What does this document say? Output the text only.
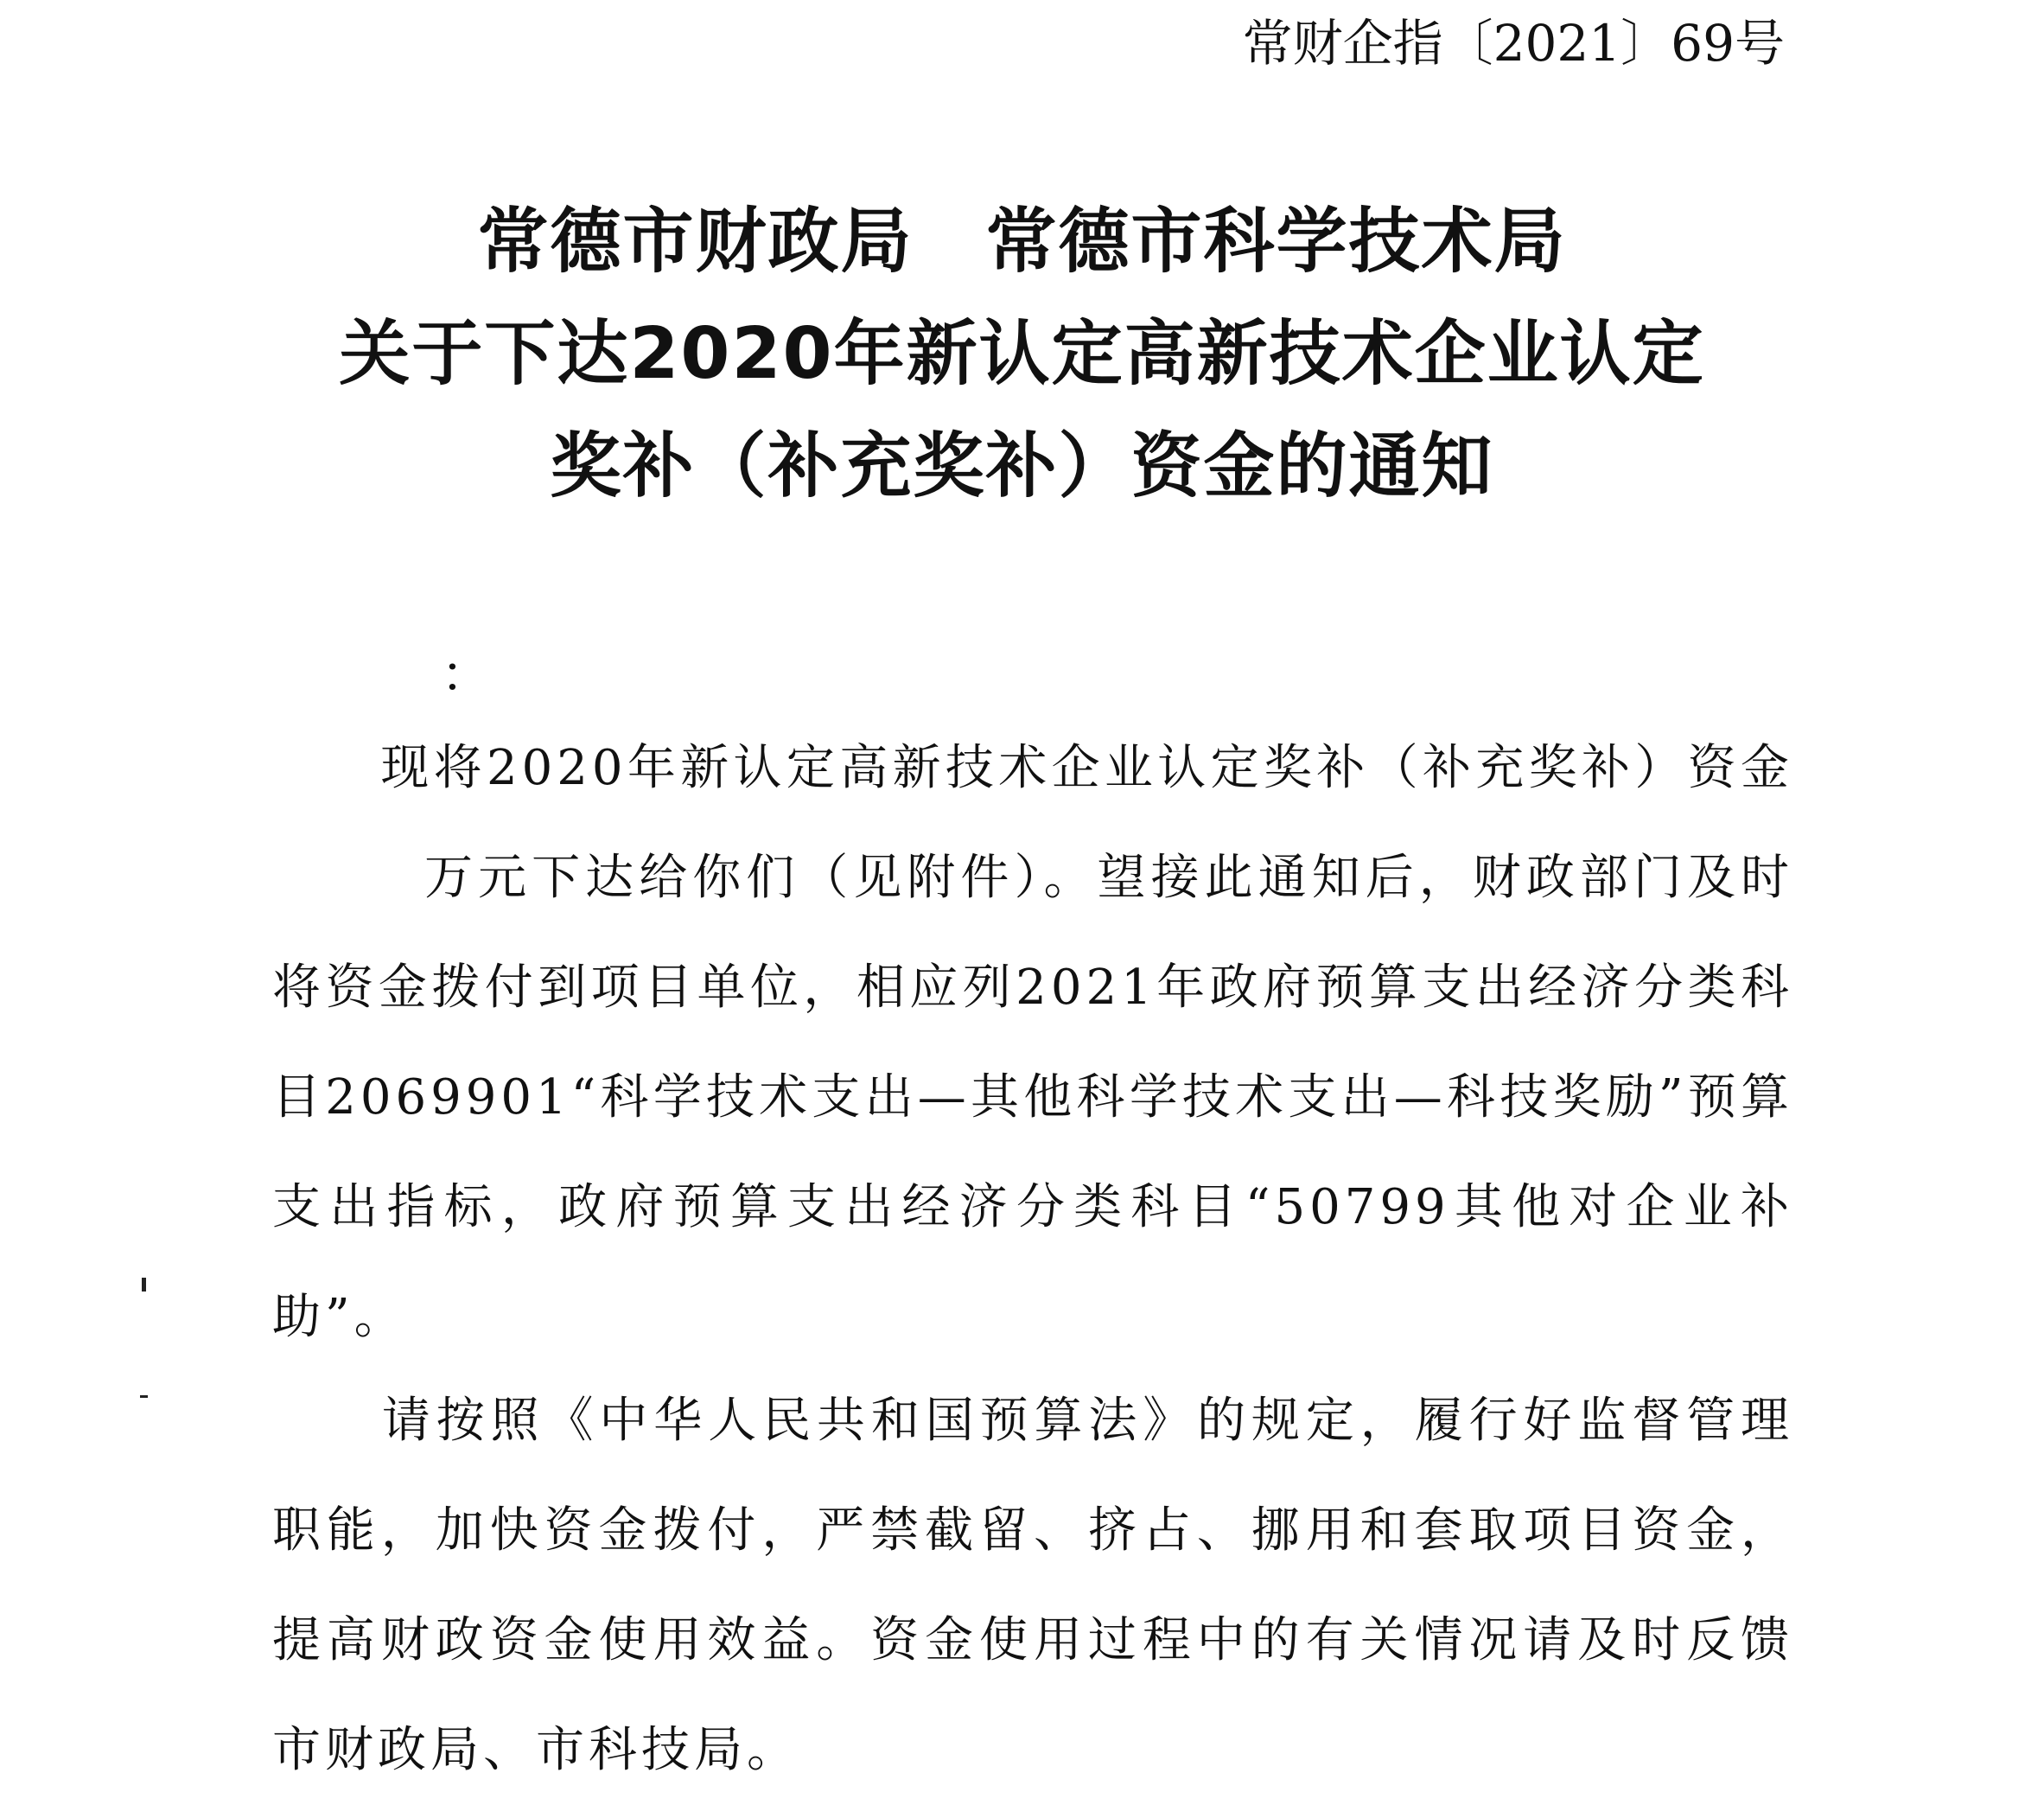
常财企指〔2021〕69号
常德市财政局　常德市科学技术局
关于下达2020年新认定高新技术企业认定
奖补（补充奖补）资金的通知
：
现将2020年新认定高新技术企业认定奖补（补充奖补）资金万元下达给你们（见附件）。望接此通知后，财政部门及时将资金拨付到项目单位，相应列2021年政府预算支出经济分类科目2069901“科学技术支出—其他科学技术支出—科技奖励”预算支出指标，政府预算支出经济分类科目“50799其他对企业补助”。
请按照《中华人民共和国预算法》的规定，履行好监督管理职能，加快资金拨付，严禁截留、挤占、挪用和套取项目资金，提高财政资金使用效益。资金使用过程中的有关情况请及时反馈市财政局、市科技局。
